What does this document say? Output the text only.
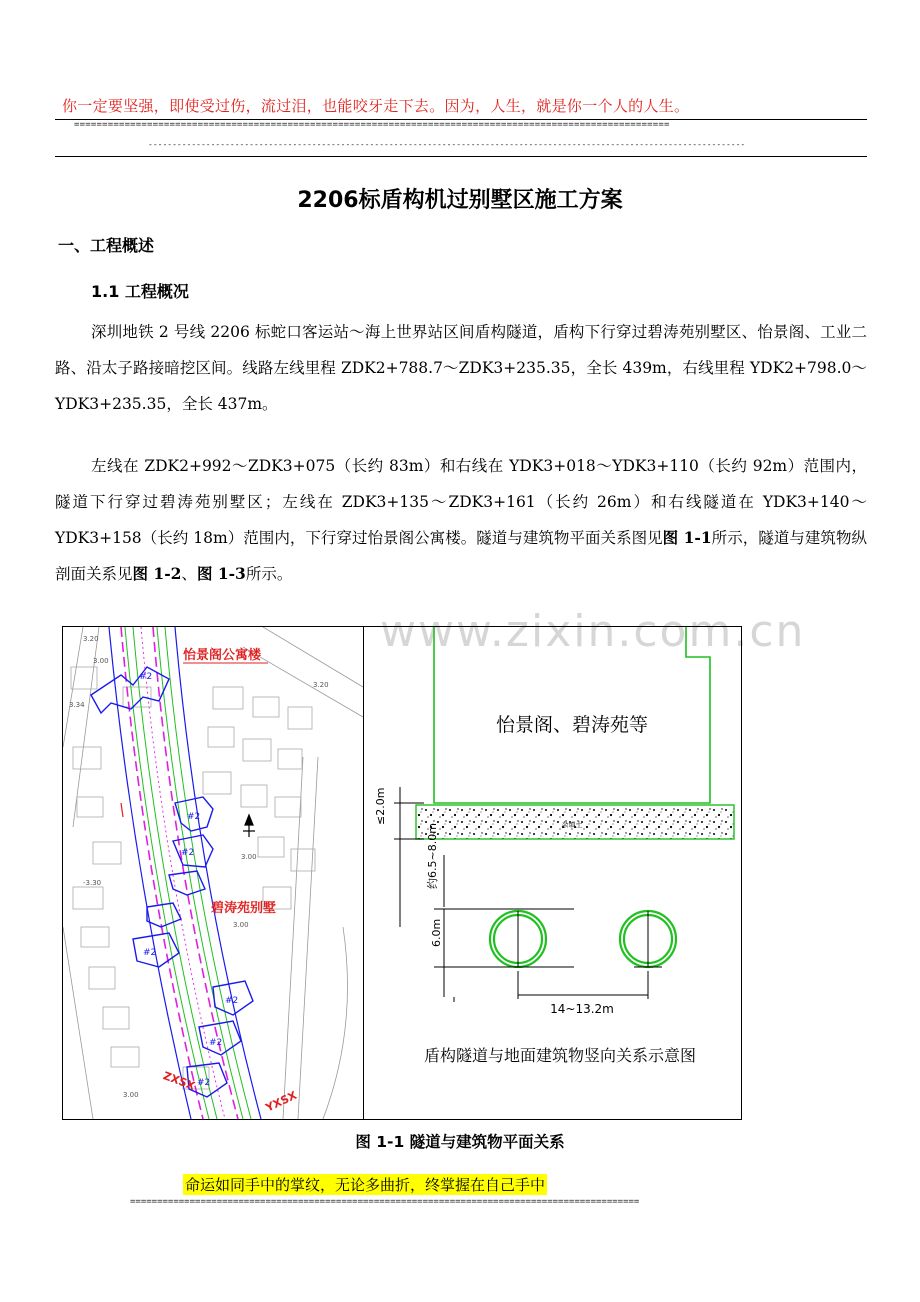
你一定要坚强，即使受过伤，流过泪，也能咬牙走下去。因为，人生，就是你一个人的人生。
==========================================================================================================
----------------------------------------------------------------------------------------------------------------------------
www.zixin.com.cn
2206标盾构机过别墅区施工方案
一、工程概述
1.1 工程概况
深圳地铁 2 号线 2206 标蛇口客运站～海上世界站区间盾构隧道，盾构下行穿过碧涛苑别墅区、怡景阁、工业二路、沿太子路接暗挖区间。线路左线里程 ZDK2+788.7～ZDK3+235.35，全长 439m，右线里程 YDK2+798.0～YDK3+235.35，全长 437m。
左线在 ZDK2+992～ZDK3+075（长约 83m）和右线在 YDK3+018～YDK3+110（长约 92m）范围内，隧道下行穿过碧涛苑别墅区；左线在 ZDK3+135～ZDK3+161（长约 26m）和右线隧道在 YDK3+140～YDK3+158（长约 18m）范围内，下行穿过怡景阁公寓楼。隧道与建筑物平面关系图见图 1-1所示，隧道与建筑物纵剖面关系见图 1-2、图 1-3所示。
怡景阁公寓楼
碧涛苑别墅
ZXSX
YXSX
3.20
3.00
3.34
3.00
-3.30
3.00
3.20
3.00
#2
#2
#2
#2
#2
#2
#2
怡景阁、碧涛苑等
杂填土
≤2.0m
约6.5~8.0m
6.0m
14~13.2m
盾构隧道与地面建筑物竖向关系示意图
图 1-1 隧道与建筑物平面关系
命运如同手中的掌纹，无论多曲折，终掌握在自己手中
==============================================================================================
